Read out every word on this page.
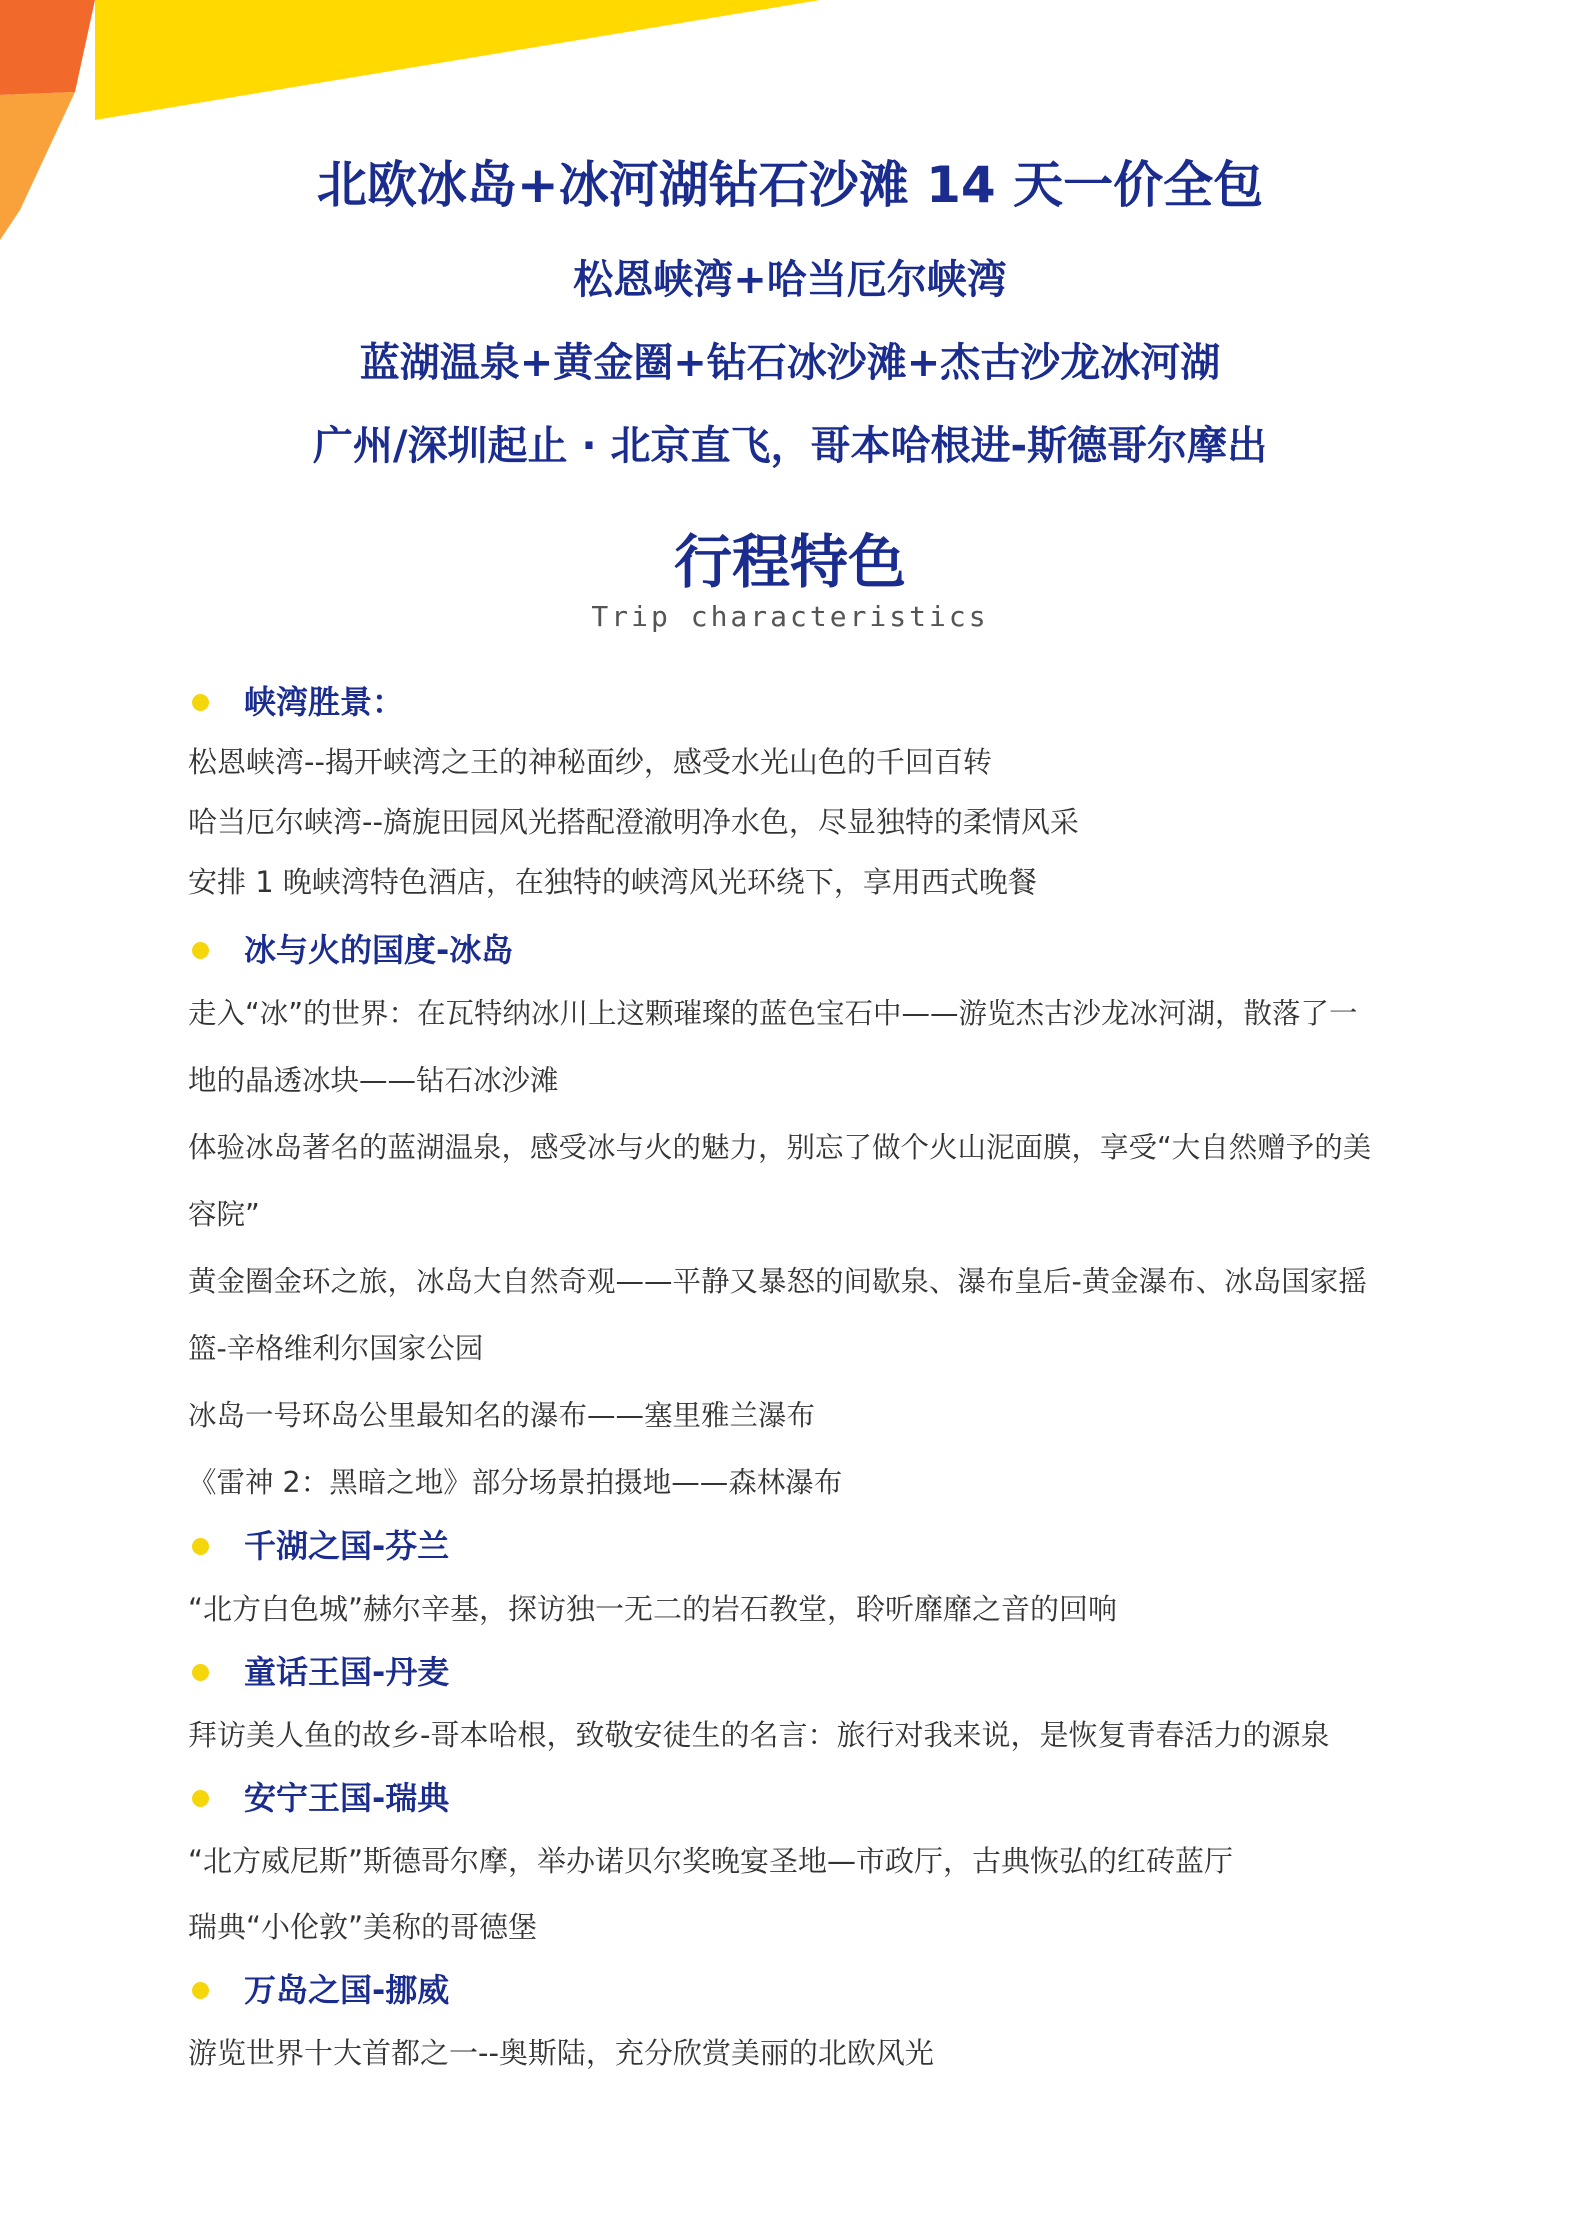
北欧冰岛+冰河湖钻石沙滩 14 天一价全包
松恩峡湾+哈当厄尔峡湾
蓝湖温泉+黄金圈+钻石冰沙滩+杰古沙龙冰河湖
广州/深圳起止 · 北京直飞，哥本哈根进-斯德哥尔摩出
行程特色
Trip characteristics
峡湾胜景：
松恩峡湾--揭开峡湾之王的神秘面纱，感受水光山色的千回百转
哈当厄尔峡湾--旖旎田园风光搭配澄澈明净水色，尽显独特的柔情风采
安排 1 晚峡湾特色酒店，在独特的峡湾风光环绕下，享用西式晚餐
冰与火的国度-冰岛
走入“冰”的世界：在瓦特纳冰川上这颗璀璨的蓝色宝石中——游览杰古沙龙冰河湖，散落了一
地的晶透冰块——钻石冰沙滩
体验冰岛著名的蓝湖温泉，感受冰与火的魅力，别忘了做个火山泥面膜，享受“大自然赠予的美
容院”
黄金圈金环之旅，冰岛大自然奇观——平静又暴怒的间歇泉、瀑布皇后-黄金瀑布、冰岛国家摇
篮-辛格维利尔国家公园
冰岛一号环岛公里最知名的瀑布——塞里雅兰瀑布
《雷神 2：黑暗之地》部分场景拍摄地——森林瀑布
千湖之国-芬兰
“北方白色城”赫尔辛基，探访独一无二的岩石教堂，聆听靡靡之音的回响
童话王国-丹麦
拜访美人鱼的故乡-哥本哈根，致敬安徒生的名言：旅行对我来说，是恢复青春活力的源泉
安宁王国-瑞典
“北方威尼斯”斯德哥尔摩，举办诺贝尔奖晚宴圣地—市政厅，古典恢弘的红砖蓝厅
瑞典“小伦敦”美称的哥德堡
万岛之国-挪威
游览世界十大首都之一--奥斯陆，充分欣赏美丽的北欧风光
